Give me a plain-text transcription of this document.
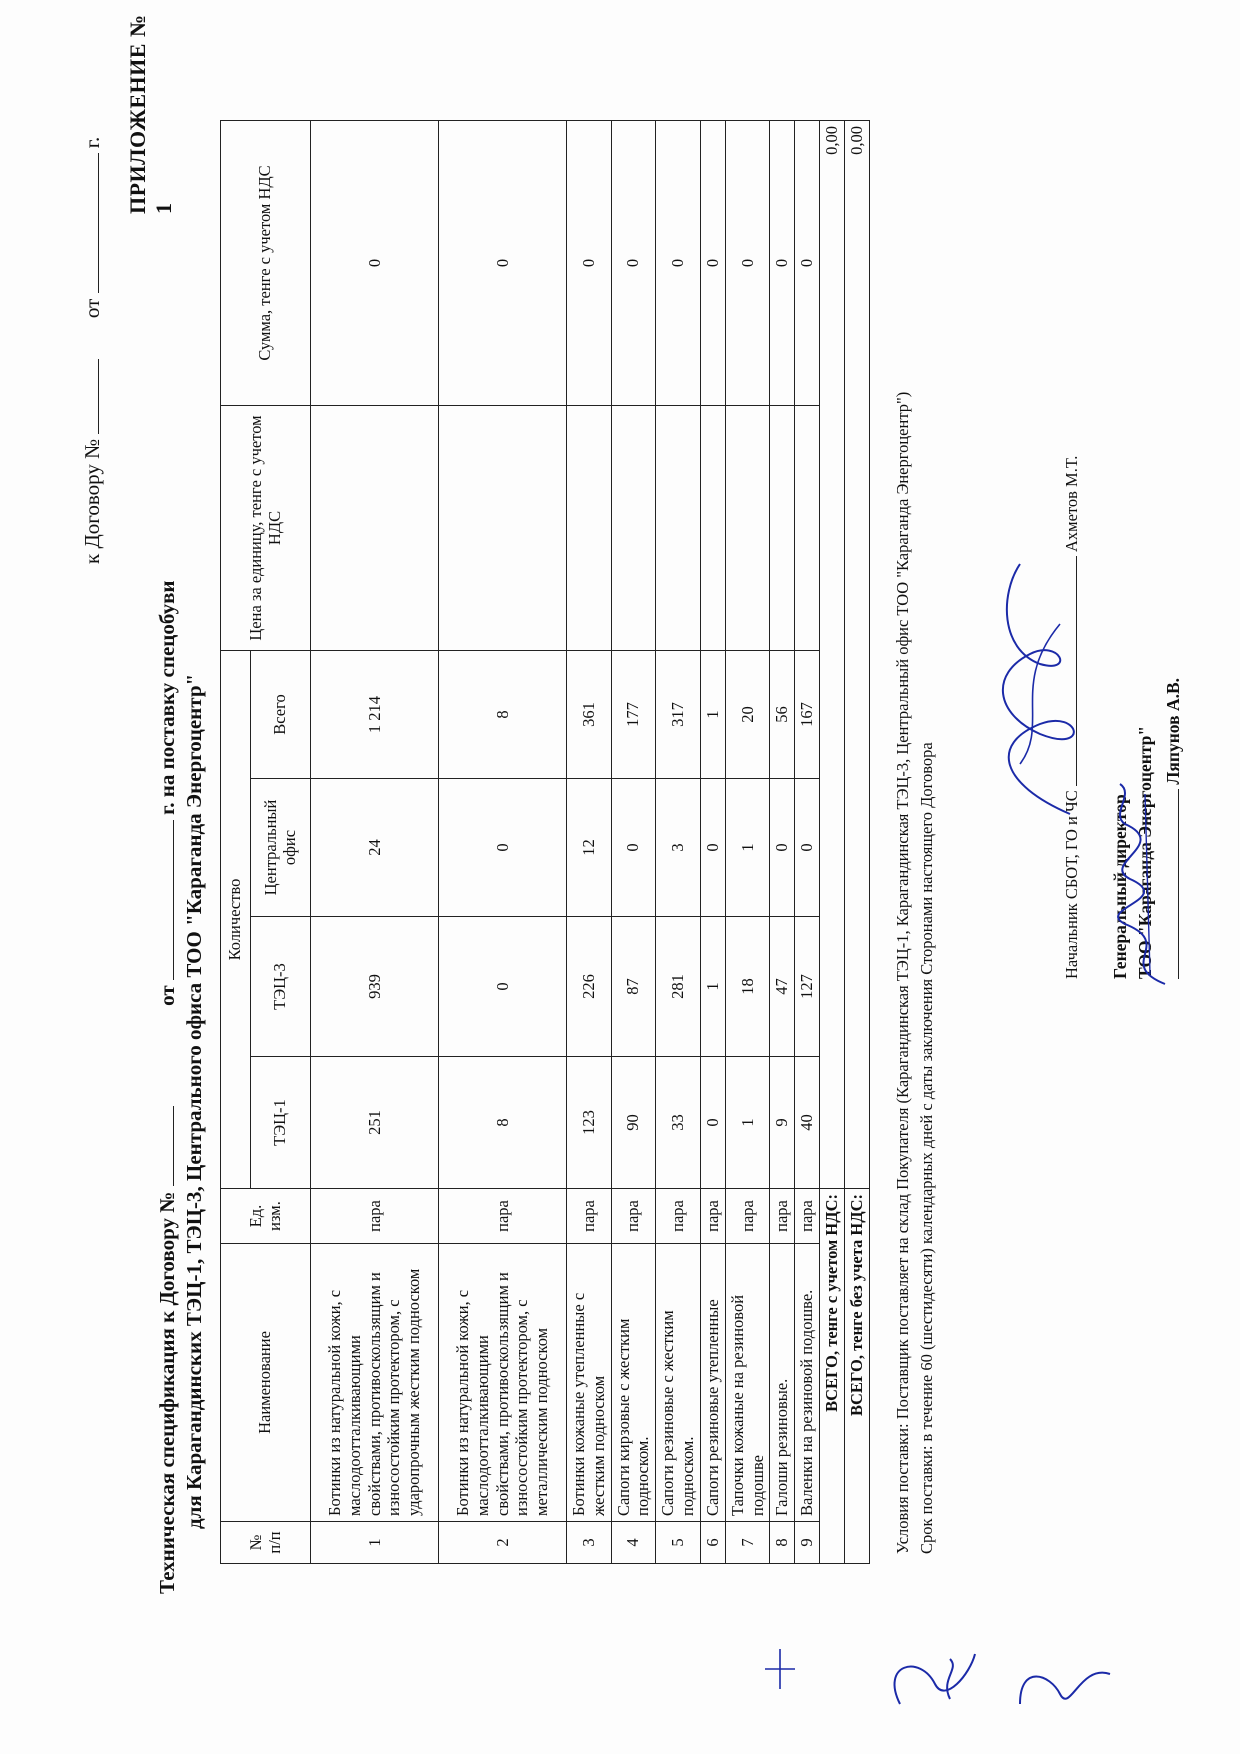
ПРИЛОЖЕНИЕ № 1
к Договору №   от  г.
Техническая спецификация к Договору №   от  г. на поставку спецобуви для Карагандинских ТЭЦ-1, ТЭЦ-3, Центрального офиса ТОО "Караганда Энергоцентр"
№ п/п	Наименование	Ед. изм.	Количество				Цена за единицу, тенге с учетом НДС	Сумма, тенге с учетом НДС
			ТЭЦ-1	ТЭЦ-3	Центральный офис	Всего		
1	Ботинки из натуральной кожи, с маслодоотталкивающими свойствами, противоскользящим и износостойким протектором, с ударопрочным жестким подноском	пара	251	939	24	1 214		0
2	Ботинки из натуральной кожи, с маслодоотталкивающими свойствами, противоскользящим и износостойким протектором, с металлическим подноском	пара	8	0	0	8		0
3	Ботинки кожаные утепленные с жестким подноском	пара	123	226	12	361		0
4	Сапоги кирзовые с жестким подноском.	пара	90	87	0	177		0
5	Сапоги резиновые с жестким подноском.	пара	33	281	3	317		0
6	Сапоги резиновые утепленные	пара	0	1	0	1		0
7	Тапочки кожаные на резиновой подошве	пара	1	18	1	20		0
8	Галоши резиновые.	пара	9	47	0	56		0
9	Валенки на резиновой подошве.	пара	40	127	0	167		0
ВСЕГО, тенге с учетом НДС:			0,00					
ВСЕГО, тенге без учета НДС:			0,00					
Условия поставки: Поставщик поставляет на склад Покупателя (Карагандинская ТЭЦ-1, Карагандинская ТЭЦ-3, Центральный офис ТОО "Караганда Энергоцентр") Срок поставки: в течение 60 (шестидесяти) календарных дней с даты заключения Сторонами настоящего Договора	Начальник СБОТ, ГО и ЧС  Ахметов М.Т.
Генеральный директор ТОО "Караганда Энергоцентр" Ляпунов А.В.
